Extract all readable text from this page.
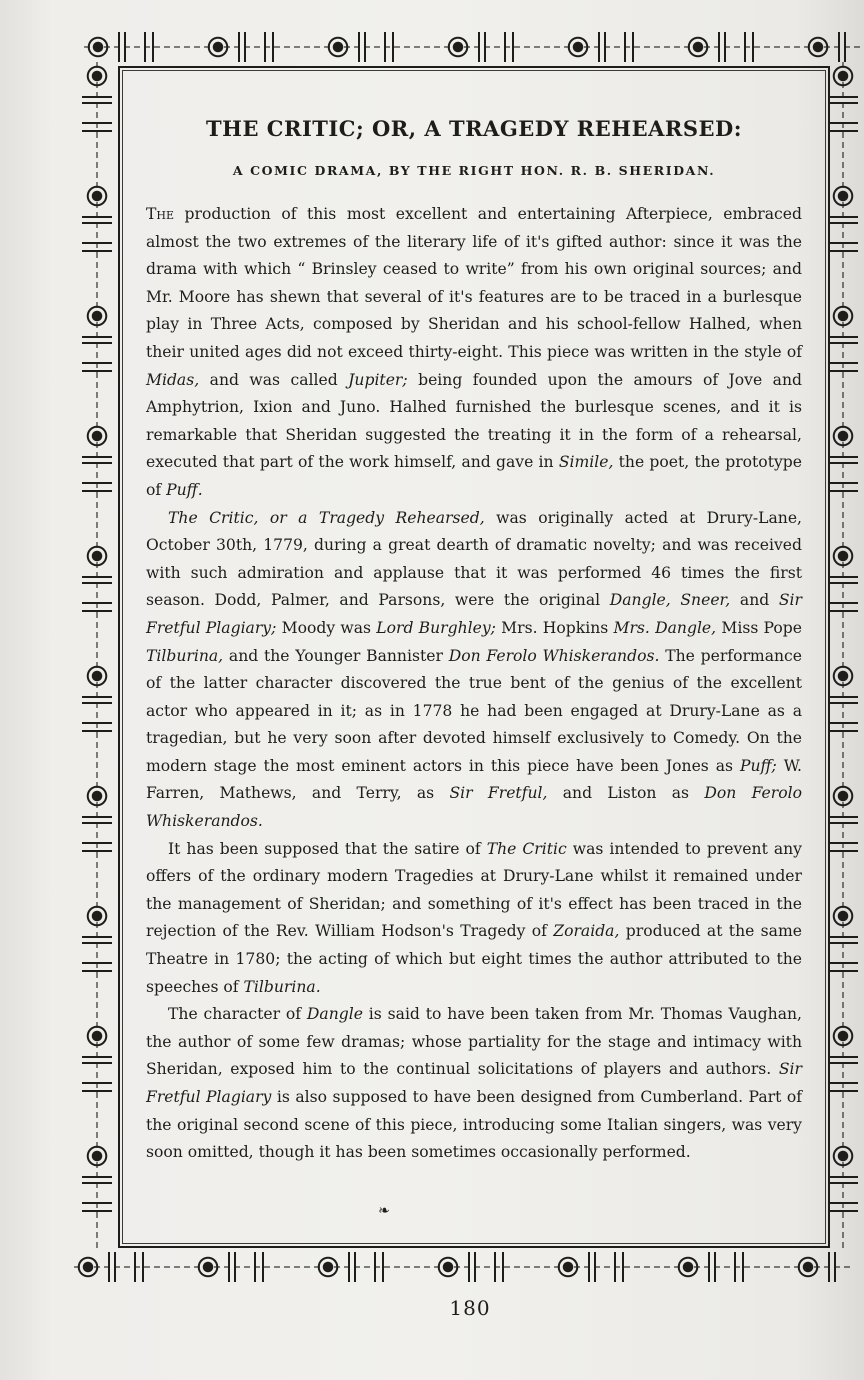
THE CRITIC; OR, A TRAGEDY REHEARSED:
A COMIC DRAMA, BY THE RIGHT HON. R. B. SHERIDAN.

The production of this most excellent and entertaining Afterpiece, embraced almost the two extremes of the literary life of it's gifted author: since it was the drama with which “ Brinsley ceased to write” from his own original sources; and Mr. Moore has shewn that several of it's features are to be traced in a burlesque play in Three Acts, composed by Sheridan and his school-fellow Halhed, when their united ages did not exceed thirty-eight. This piece was written in the style of Midas, and was called Jupiter; being founded upon the amours of Jove and Amphytrion, Ixion and Juno. Halhed furnished the burlesque scenes, and it is remarkable that Sheridan suggested the treating it in the form of a rehearsal, executed that part of the work himself, and gave in Simile, the poet, the prototype of Puff.

The Critic, or a Tragedy Rehearsed, was originally acted at Drury-Lane, October 30th, 1779, during a great dearth of dramatic novelty; and was received with such admiration and applause that it was performed 46 times the first season. Dodd, Palmer, and Parsons, were the original Dangle, Sneer, and Sir Fretful Plagiary; Moody was Lord Burghley; Mrs. Hopkins Mrs. Dangle, Miss Pope Tilburina, and the Younger Bannister Don Ferolo Whiskerandos. The performance of the latter character discovered the true bent of the genius of the excellent actor who appeared in it; as in 1778 he had been engaged at Drury-Lane as a tragedian, but he very soon after devoted himself exclusively to Comedy. On the modern stage the most eminent actors in this piece have been Jones as Puff; W. Farren, Mathews, and Terry, as Sir Fretful, and Liston as Don Ferolo Whiskerandos.

It has been supposed that the satire of The Critic was intended to prevent any offers of the ordinary modern Tragedies at Drury-Lane whilst it remained under the management of Sheridan; and something of it's effect has been traced in the rejection of the Rev. William Hodson's Tragedy of Zoraida, produced at the same Theatre in 1780; the acting of which but eight times the author attributed to the speeches of Tilburina.

The character of Dangle is said to have been taken from Mr. Thomas Vaughan, the author of some few dramas; whose partiality for the stage and intimacy with Sheridan, exposed him to the continual solicitations of players and authors. Sir Fretful Plagiary is also supposed to have been designed from Cumberland. Part of the original second scene of this piece, introducing some Italian singers, was very soon omitted, though it has been sometimes occasionally performed.

❧
180
